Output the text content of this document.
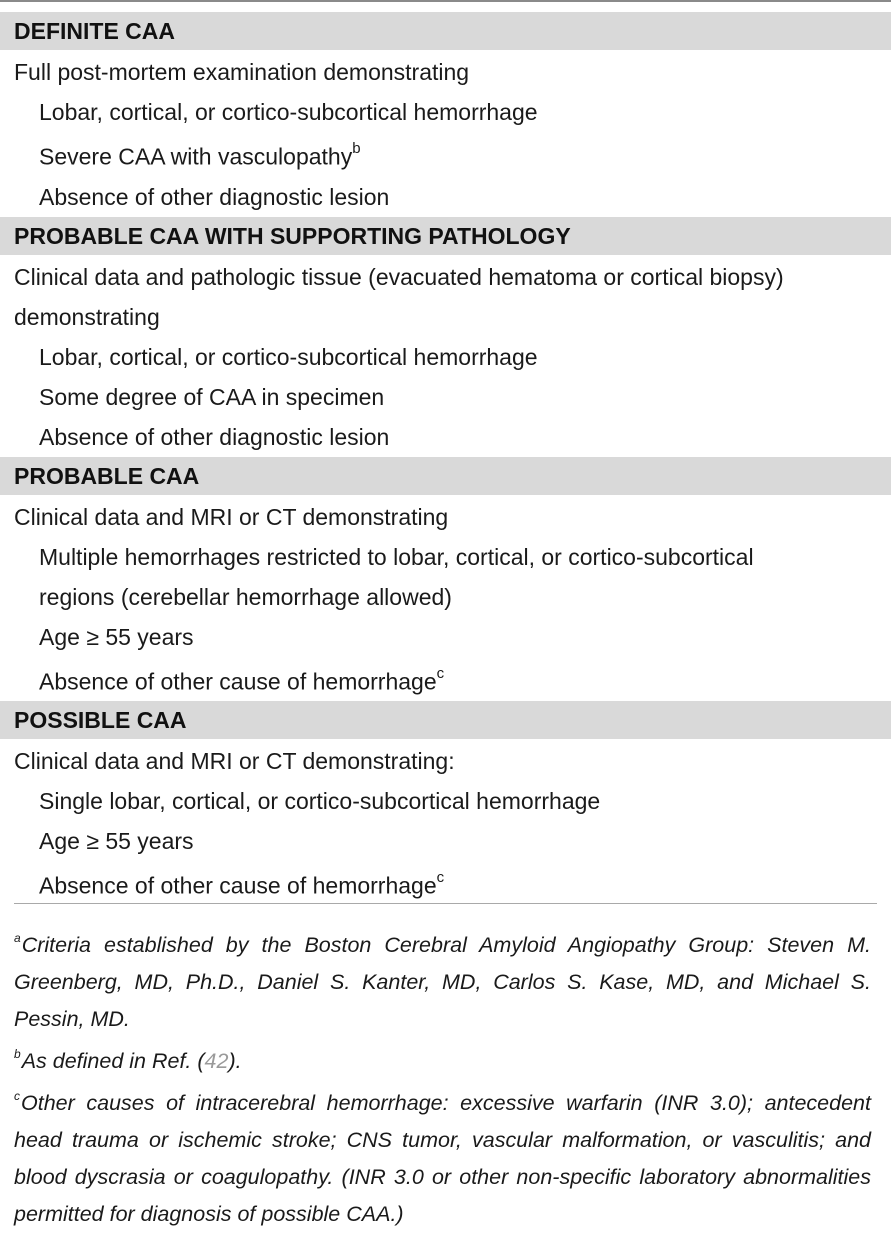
DEFINITE CAA
Full post-mortem examination demonstrating
Lobar, cortical, or cortico-subcortical hemorrhage
Severe CAA with vasculopathy$^b$
Absence of other diagnostic lesion
PROBABLE CAA WITH SUPPORTING PATHOLOGY
Clinical data and pathologic tissue (evacuated hematoma or cortical biopsy)
demonstrating
Lobar, cortical, or cortico-subcortical hemorrhage
Some degree of CAA in specimen
Absence of other diagnostic lesion
PROBABLE CAA
Clinical data and MRI or CT demonstrating
Multiple hemorrhages restricted to lobar, cortical, or cortico-subcortical
regions (cerebellar hemorrhage allowed)
Age ≥ 55 years
Absence of other cause of hemorrhage$^c$
POSSIBLE CAA
Clinical data and MRI or CT demonstrating:
Single lobar, cortical, or cortico-subcortical hemorrhage
Age ≥ 55 years
Absence of other cause of hemorrhage$^c$

$^a$Criteria established by the Boston Cerebral Amyloid Angiopathy Group: Steven M. Greenberg, MD, Ph.D., Daniel S. Kanter, MD, Carlos S. Kase, MD, and Michael S. Pessin, MD.

$^b$As defined in Ref. (42).

$^c$Other causes of intracerebral hemorrhage: excessive warfarin (INR 3.0); antecedent head trauma or ischemic stroke; CNS tumor, vascular malformation, or vasculitis; and blood dyscrasia or coagulopathy. (INR 3.0 or other non-specific laboratory abnormalities permitted for diagnosis of possible CAA.)
